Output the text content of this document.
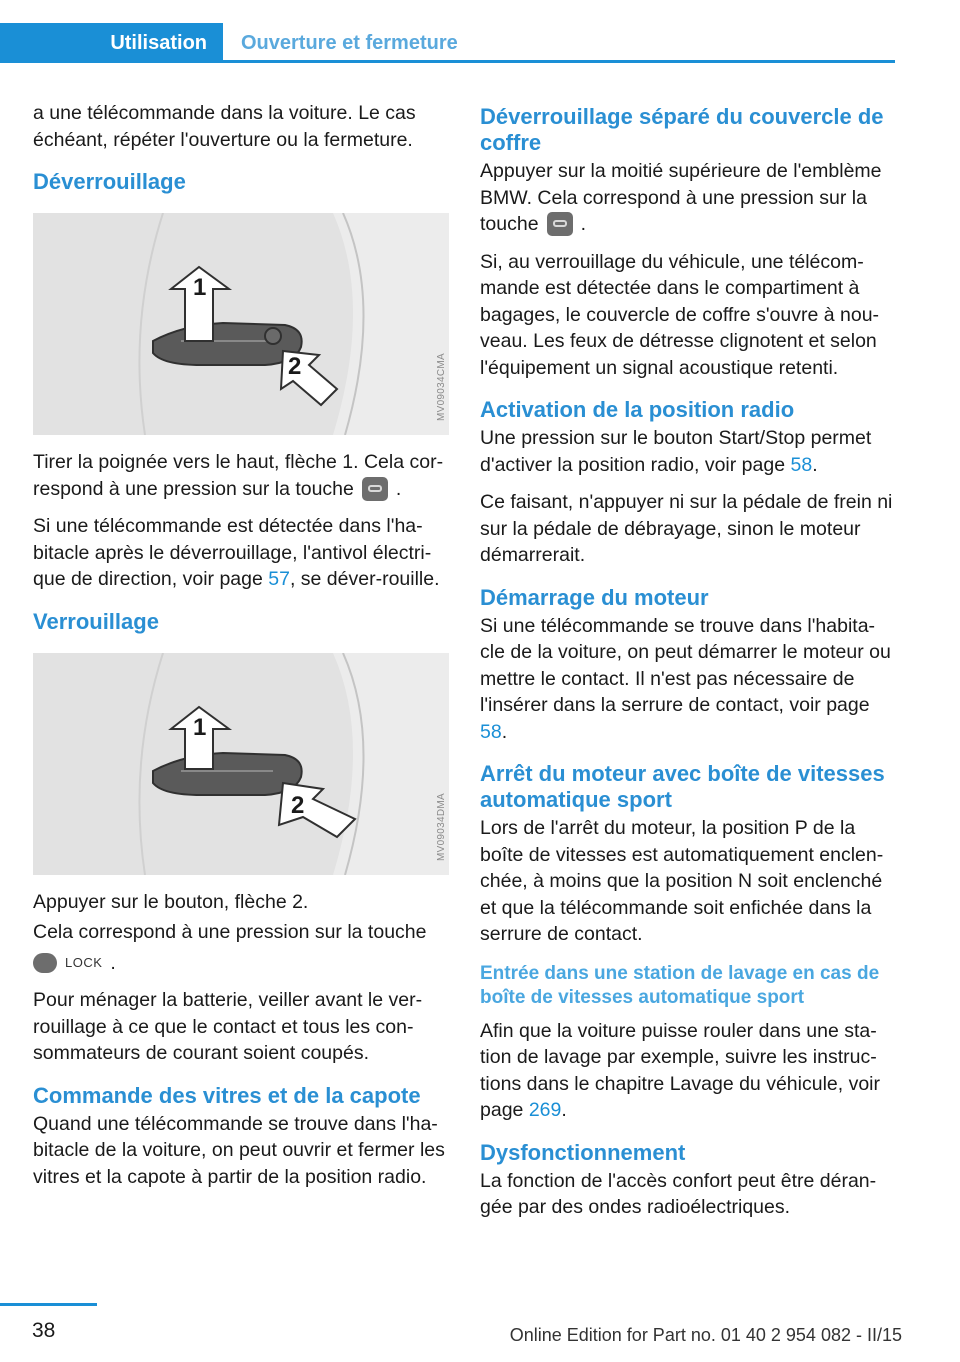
Utilisation	Ouverture et fermeture

a une télécommande dans la voiture. Le cas échéant, répéter l'ouverture ou la fermeture.

Déverrouillage
1
2	MV09034CMA

Tirer la poignée vers le haut, flèche 1. Cela cor‐respond à une pression sur la touche .

Si une télécommande est détectée dans l'ha‐bitacle après le déverrouillage, l'antivol électri‐que de direction, voir page 57, se déver‐rouille.

Verrouillage
1
2	MV09034DMA

Appuyer sur le bouton, flèche 2.

Cela correspond à une pression sur la touche

LOCK .

Pour ménager la batterie, veiller avant le ver‐rouillage à ce que le contact et tous les con‐sommateurs de courant soient coupés.

Commande des vitres et de la capote

Quand une télécommande se trouve dans l'ha‐bitacle de la voiture, on peut ouvrir et fermer les vitres et la capote à partir de la position radio.

Déverrouillage séparé du couvercle de coffre

Appuyer sur la moitié supérieure de l'emblème BMW. Cela correspond à une pression sur la touche .

Si, au verrouillage du véhicule, une télécom‐mande est détectée dans le compartiment à bagages, le couvercle de coffre s'ouvre à nou‐veau. Les feux de détresse clignotent et selon l'équipement un signal acoustique retenti.

Activation de la position radio

Une pression sur le bouton Start/Stop permet d'activer la position radio, voir page 58.

Ce faisant, n'appuyer ni sur la pédale de frein ni sur la pédale de débrayage, sinon le moteur démarrerait.

Démarrage du moteur

Si une télécommande se trouve dans l'habita‐cle de la voiture, on peut démarrer le moteur ou mettre le contact. Il n'est pas nécessaire de l'insérer dans la serrure de contact, voir page 58.

Arrêt du moteur avec boîte de vitesses automatique sport

Lors de l'arrêt du moteur, la position P de la boîte de vitesses est automatiquement enclen‐chée, à moins que la position N soit enclenché et que la télécommande soit enfichée dans la serrure de contact.

Entrée dans une station de lavage en cas de boîte de vitesses automatique sport

Afin que la voiture puisse rouler dans une sta‐tion de lavage par exemple, suivre les instruc‐tions dans le chapitre Lavage du véhicule, voir page 269.

Dysfonctionnement

La fonction de l'accès confort peut être déran‐gée par des ondes radioélectriques.

38	Online Edition for Part no. 01 40 2 954 082 - II/15
